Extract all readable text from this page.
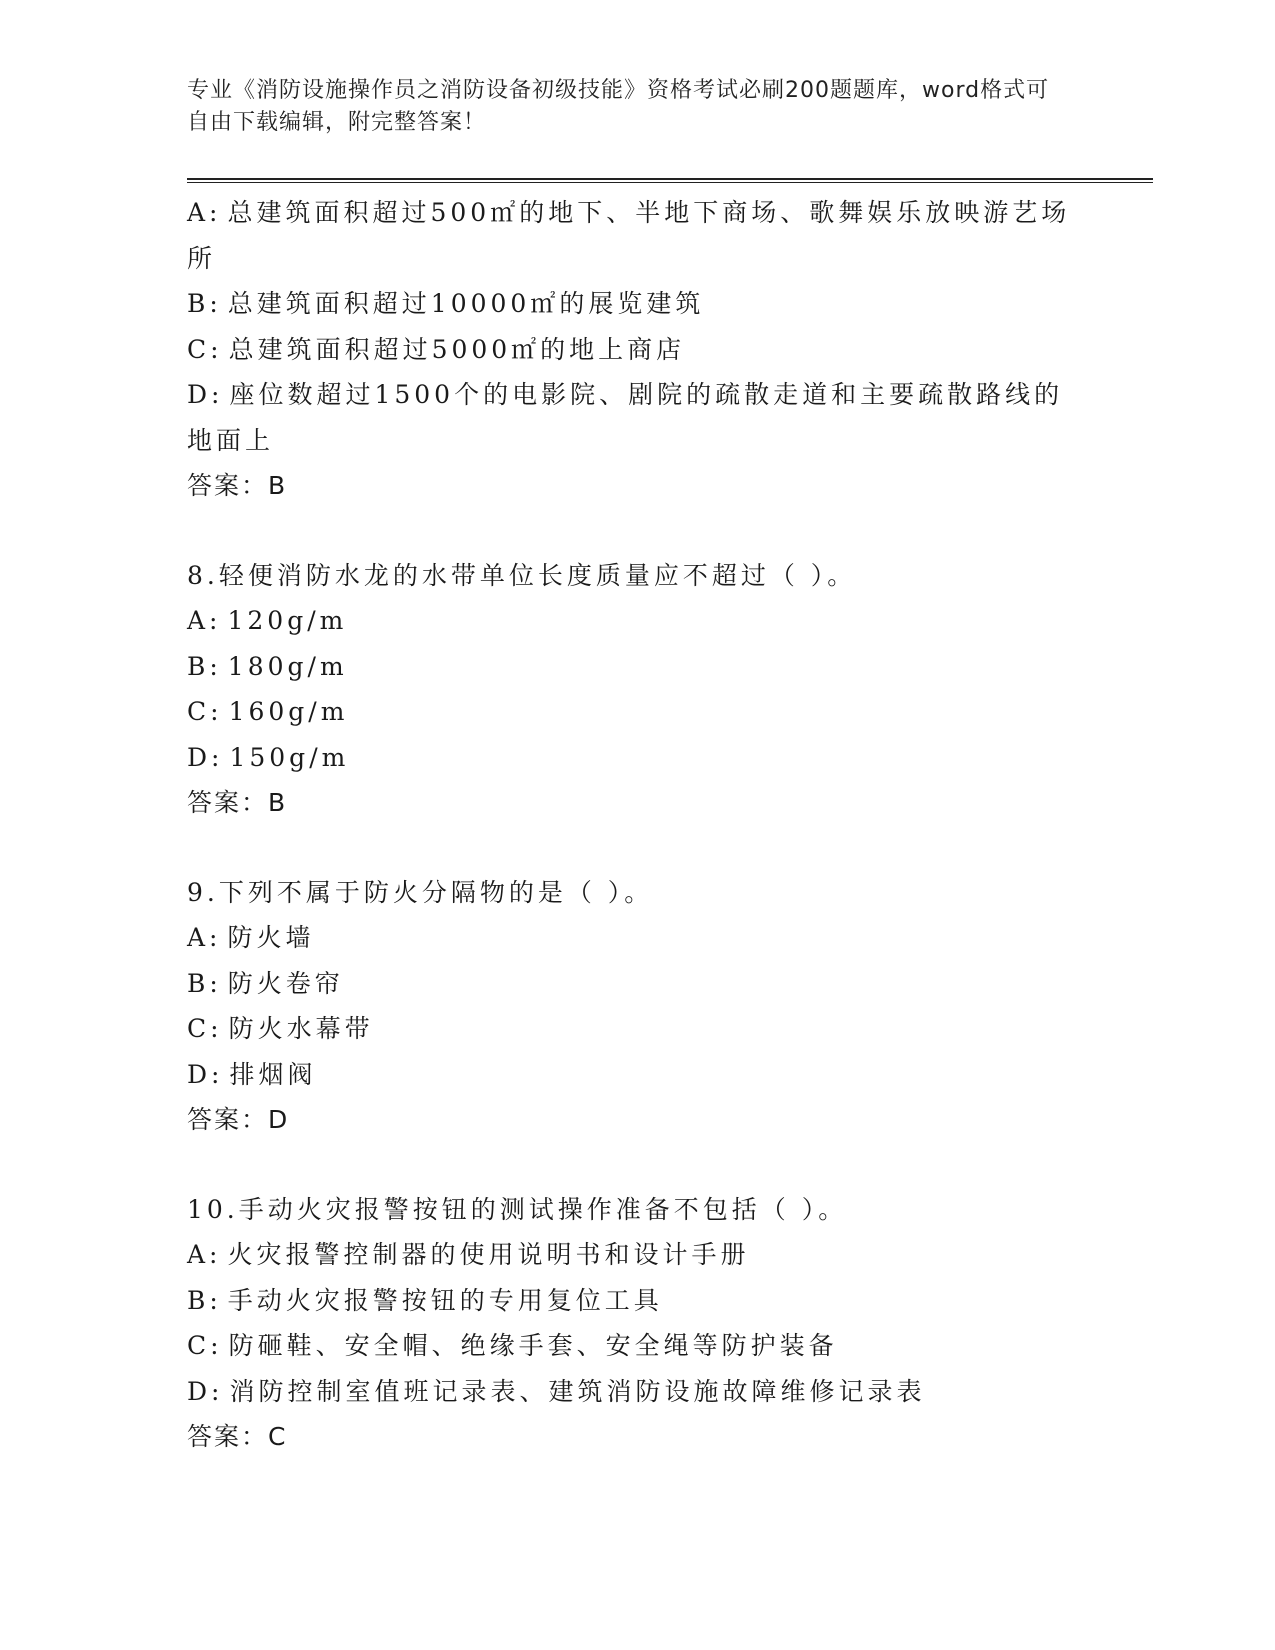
专业《消防设施操作员之消防设备初级技能》资格考试必刷200题题库，word格式可自由下载编辑，附完整答案！
A: 总建筑面积超过500㎡的地下、半地下商场、歌舞娱乐放映游艺场
所
B: 总建筑面积超过10000㎡的展览建筑
C: 总建筑面积超过5000㎡的地上商店
D: 座位数超过1500个的电影院、剧院的疏散走道和主要疏散路线的
地面上
答案：B
8.轻便消防水龙的水带单位长度质量应不超过（ ）。
A: 120g/m
B: 180g/m
C: 160g/m
D: 150g/m
答案：B
9.下列不属于防火分隔物的是（ ）。
A: 防火墙
B: 防火卷帘
C: 防火水幕带
D: 排烟阀
答案：D
10.手动火灾报警按钮的测试操作准备不包括（ ）。
A: 火灾报警控制器的使用说明书和设计手册
B: 手动火灾报警按钮的专用复位工具
C: 防砸鞋、安全帽、绝缘手套、安全绳等防护装备
D: 消防控制室值班记录表、建筑消防设施故障维修记录表
答案：C
